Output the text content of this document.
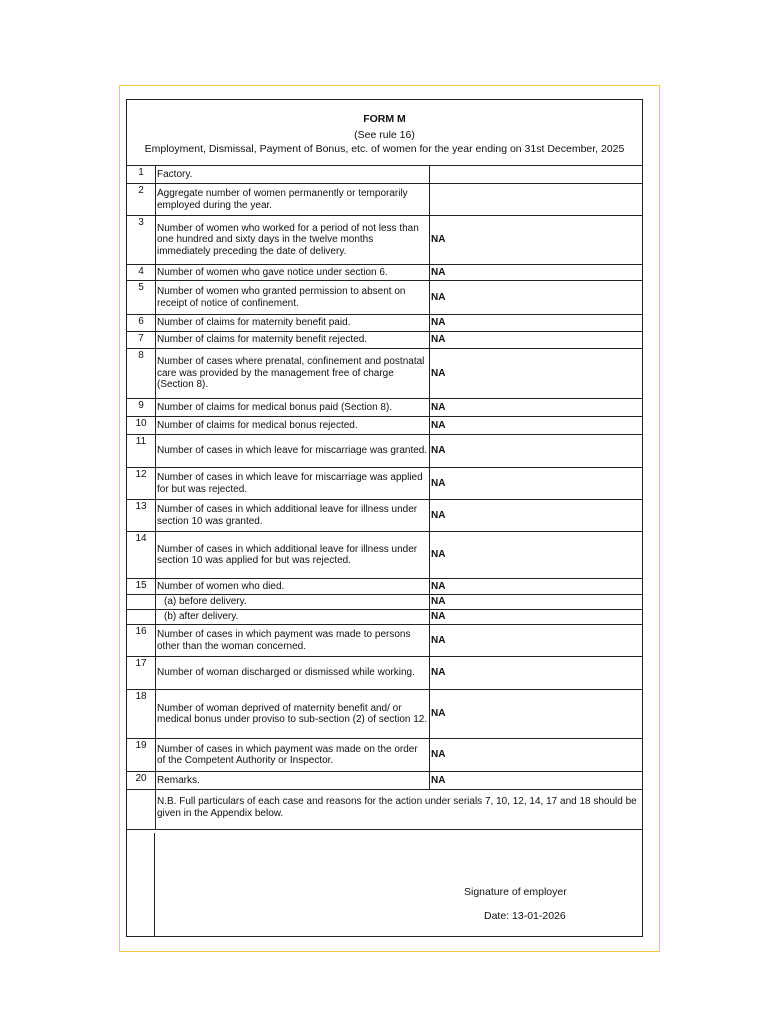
FORM M
(See rule 16)
Employment, Dismissal, Payment of Bonus, etc. of women for the year ending on 31st December, 2025
1	Factory.	
2	Aggregate number of women permanently or temporarily employed during the year.	
3	Number of women who worked for a period of not less than one hundred and sixty days in the twelve months immediately preceding the date of delivery.	NA
4	Number of women who gave notice under section 6.	NA
5	Number of women who granted permission to absent on receipt of notice of confinement.	NA
6	Number of claims for maternity benefit paid.	NA
7	Number of claims for maternity benefit rejected.	NA
8	Number of cases where prenatal, confinement and postnatal care was provided by the management free of charge (Section 8).	NA
9	Number of claims for medical bonus paid (Section 8).	NA
10	Number of claims for medical bonus rejected.	NA
11	Number of cases in which leave for miscarriage was granted.	NA
12	Number of cases in which leave for miscarriage was applied for but was rejected.	NA
13	Number of cases in which additional leave for illness under section 10 was granted.	NA
14	Number of cases in which additional leave for illness under section 10 was applied for but was rejected.	NA
15	Number of women who died.	NA
	(a) before delivery.	NA
	(b) after delivery.	NA
16	Number of cases in which payment was made to persons other than the woman concerned.	NA
17	Number of woman discharged or dismissed while working.	NA
18	Number of woman deprived of maternity benefit and/ or medical bonus under proviso to sub-section (2) of section 12.	NA
19	Number of cases in which payment was made on the order of the Competent Authority or Inspector.	NA
20	Remarks.	NA
	N.B. Full particulars of each case and reasons for the action under serials 7, 10, 12, 14, 17 and 18 should be given in the Appendix below.	
Signature of employer
Date: 13-01-2026
